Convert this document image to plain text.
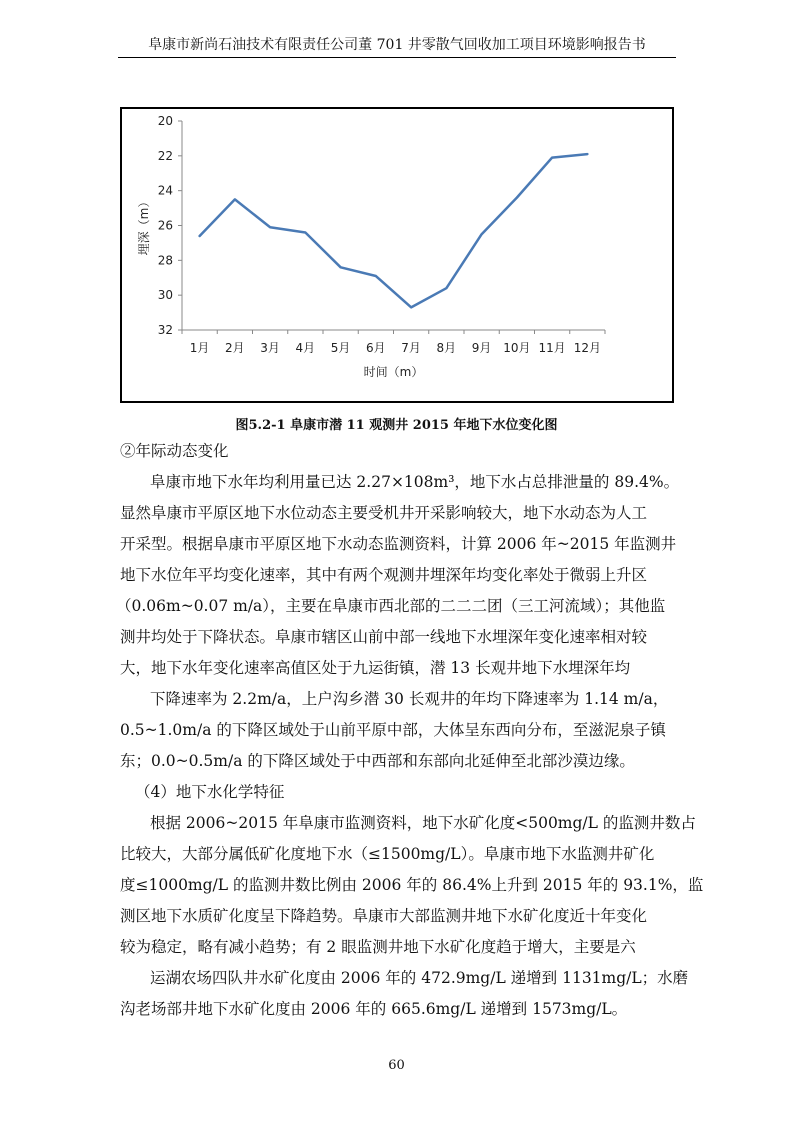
阜康市新尚石油技术有限责任公司董 701 井零散气回收加工项目环境影响报告书
20
22
24
26
28
30
32
1月 2月 3月 4月 5月 6月 7月 8月 9月 10月 11月 12月
时间（m）
埋深（m）
图5.2-1 阜康市潜 11 观测井 2015 年地下水位变化图
②年际动态变化
阜康市地下水年均利用量已达 2.27×108m³，地下水占总排泄量的 89.4%。
显然阜康市平原区地下水位动态主要受机井开采影响较大，地下水动态为人工
开采型。根据阜康市平原区地下水动态监测资料，计算 2006 年~2015 年监测井
地下水位年平均变化速率，其中有两个观测井埋深年均变化率处于微弱上升区
（0.06m~0.07 m/a），主要在阜康市西北部的二二二团（三工河流域）；其他监
测井均处于下降状态。阜康市辖区山前中部一线地下水埋深年变化速率相对较
大，地下水年变化速率高值区处于九运街镇，潜 13 长观井地下水埋深年均
下降速率为 2.2m/a，上户沟乡潜 30 长观井的年均下降速率为 1.14 m/a，
0.5~1.0m/a 的下降区域处于山前平原中部，大体呈东西向分布，至滋泥泉子镇
东；0.0~0.5m/a 的下降区域处于中西部和东部向北延伸至北部沙漠边缘。
（4）地下水化学特征
根据 2006~2015 年阜康市监测资料，地下水矿化度<500mg/L 的监测井数占
比较大，大部分属低矿化度地下水（≤1500mg/L）。阜康市地下水监测井矿化
度≤1000mg/L 的监测井数比例由 2006 年的 86.4%上升到 2015 年的 93.1%，监
测区地下水质矿化度呈下降趋势。阜康市大部监测井地下水矿化度近十年变化
较为稳定，略有减小趋势；有 2 眼监测井地下水矿化度趋于增大，主要是六
运湖农场四队井水矿化度由 2006 年的 472.9mg/L 递增到 1131mg/L；水磨
沟老场部井地下水矿化度由 2006 年的 665.6mg/L 递增到 1573mg/L。
60
